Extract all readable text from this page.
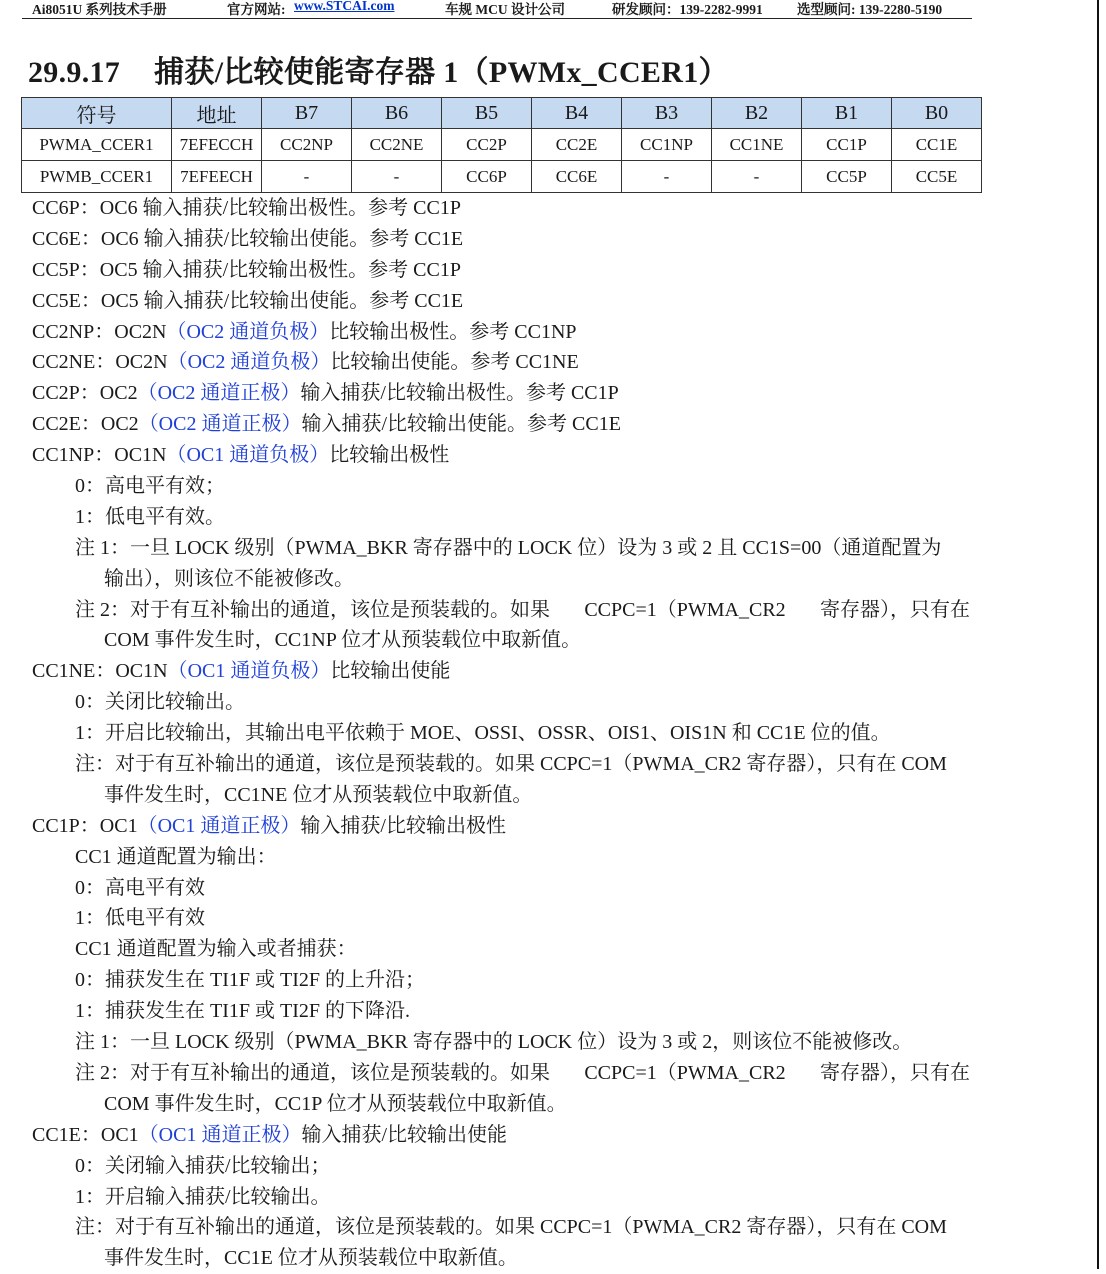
Ai8051U 系列技术手册	官方网站: www.STCAI.com	车规 MCU 设计公司	研发顾问：139-2282-9991	选型顾问: 139-2280-5190
29.9.17 捕获/比较使能寄存器 1（PWMx_CCER1）
符号	地址	B7	B6	B5	B4	B3	B2	B1	B0
PWMA_CCER1	7EFECCH	CC2NP	CC2NE	CC2P	CC2E	CC1NP	CC1NE	CC1P	CC1E
PWMB_CCER1	7EFEECH	-	-	CC6P	CC6E	-	-	CC5P	CC5E
CC6P：OC6 输入捕获/比较输出极性。参考 CC1P
CC6E：OC6 输入捕获/比较输出使能。参考 CC1E
CC5P：OC5 输入捕获/比较输出极性。参考 CC1P
CC5E：OC5 输入捕获/比较输出使能。参考 CC1E
CC2NP：OC2N（OC2 通道负极）比较输出极性。参考 CC1NP
CC2NE：OC2N（OC2 通道负极）比较输出使能。参考 CC1NE
CC2P：OC2（OC2 通道正极）输入捕获/比较输出极性。参考 CC1P
CC2E：OC2（OC2 通道正极）输入捕获/比较输出使能。参考 CC1E
CC1NP：OC1N（OC1 通道负极）比较输出极性
0：高电平有效；
1：低电平有效。
注 1：一旦 LOCK 级别（PWMA_BKR 寄存器中的 LOCK 位）设为 3 或 2 且 CC1S=00（通道配置为
输出），则该位不能被修改。
注 2：对于有互补输出的通道，该位是预装载的。如果 CCPC=1（PWMA_CR2 寄存器），只有在
COM 事件发生时，CC1NP 位才从预装载位中取新值。
CC1NE：OC1N（OC1 通道负极）比较输出使能
0：关闭比较输出。
1：开启比较输出，其输出电平依赖于 MOE、OSSI、OSSR、OIS1、OIS1N 和 CC1E 位的值。
注：对于有互补输出的通道，该位是预装载的。如果 CCPC=1（PWMA_CR2 寄存器），只有在 COM
事件发生时，CC1NE 位才从预装载位中取新值。
CC1P：OC1（OC1 通道正极）输入捕获/比较输出极性
CC1 通道配置为输出：
0：高电平有效
1：低电平有效
CC1 通道配置为输入或者捕获：
0：捕获发生在 TI1F 或 TI2F 的上升沿；
1：捕获发生在 TI1F 或 TI2F 的下降沿.
注 1：一旦 LOCK 级别（PWMA_BKR 寄存器中的 LOCK 位）设为 3 或 2，则该位不能被修改。
注 2：对于有互补输出的通道，该位是预装载的。如果 CCPC=1（PWMA_CR2 寄存器），只有在
COM 事件发生时，CC1P 位才从预装载位中取新值。
CC1E：OC1（OC1 通道正极）输入捕获/比较输出使能
0：关闭输入捕获/比较输出；
1：开启输入捕获/比较输出。
注：对于有互补输出的通道，该位是预装载的。如果 CCPC=1（PWMA_CR2 寄存器），只有在 COM
事件发生时，CC1E 位才从预装载位中取新值。
